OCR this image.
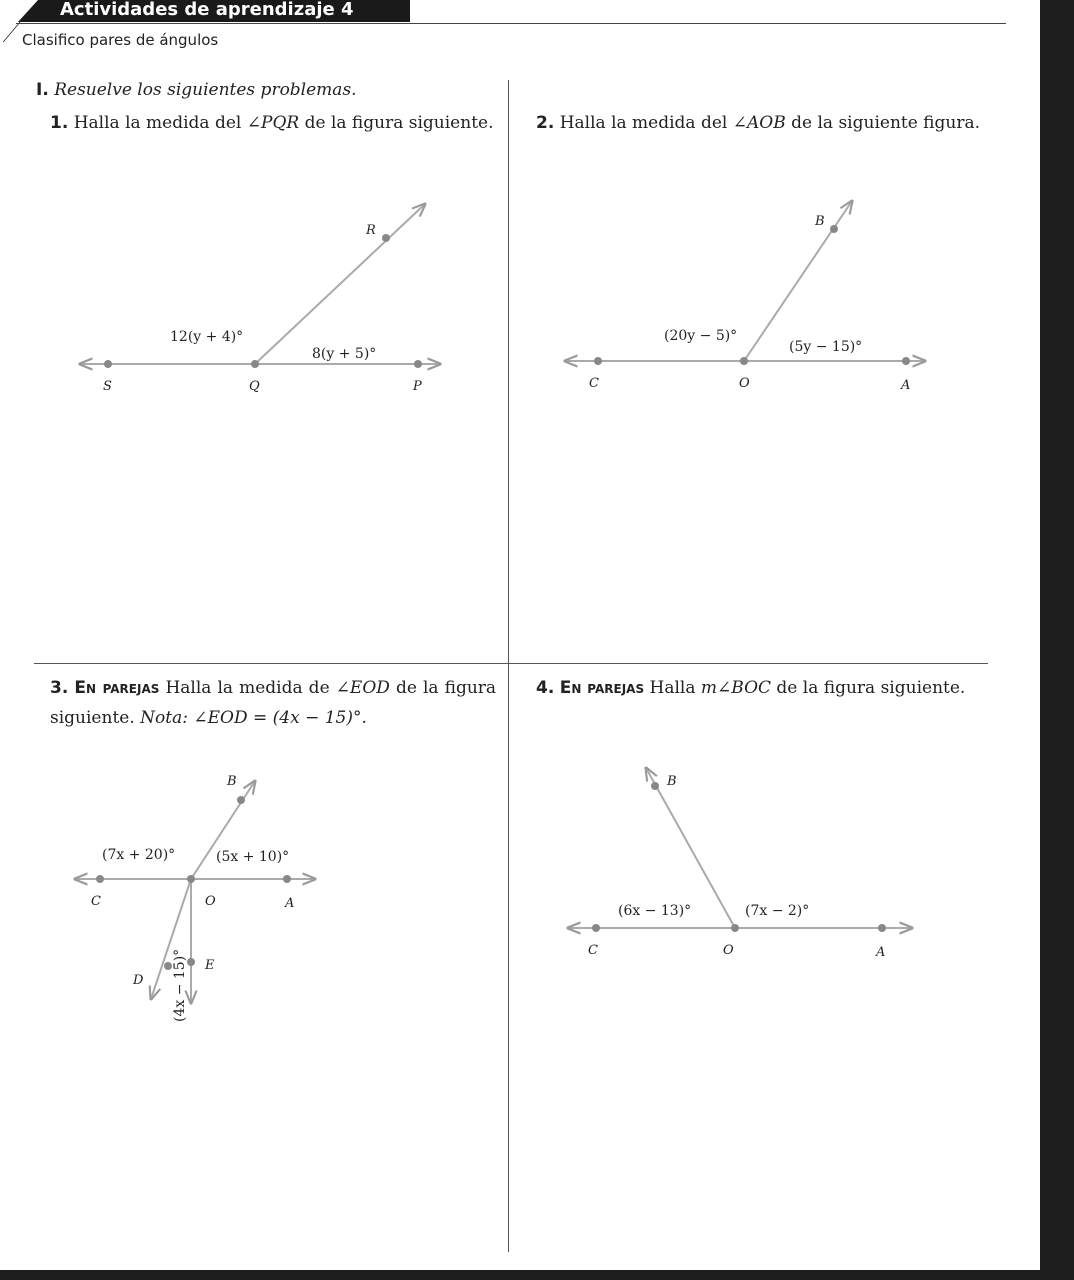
Actividades de aprendizaje 4
Clasifico pares de ángulos
I. Resuelve los siguientes problemas.
1. Halla la medida del ∠PQR de la figura siguiente.	2. Halla la medida del ∠AOB de la siguiente figura.
3. En parejas Halla la medida de ∠EOD de la figura siguiente. Nota: ∠EOD = (4x − 15)°.
4. En parejas Halla m∠BOC de la figura siguiente.
S	Q	P
R
12(y + 4)°
8(y + 5)°
C	O	A
B
(20y − 5)°
(5y − 15)°
C	O	A
B
D
E
(7x + 20)°	(5x + 10)°
(4x − 15)°	C	O	A
B
(6x − 13)°	(7x − 2)°
